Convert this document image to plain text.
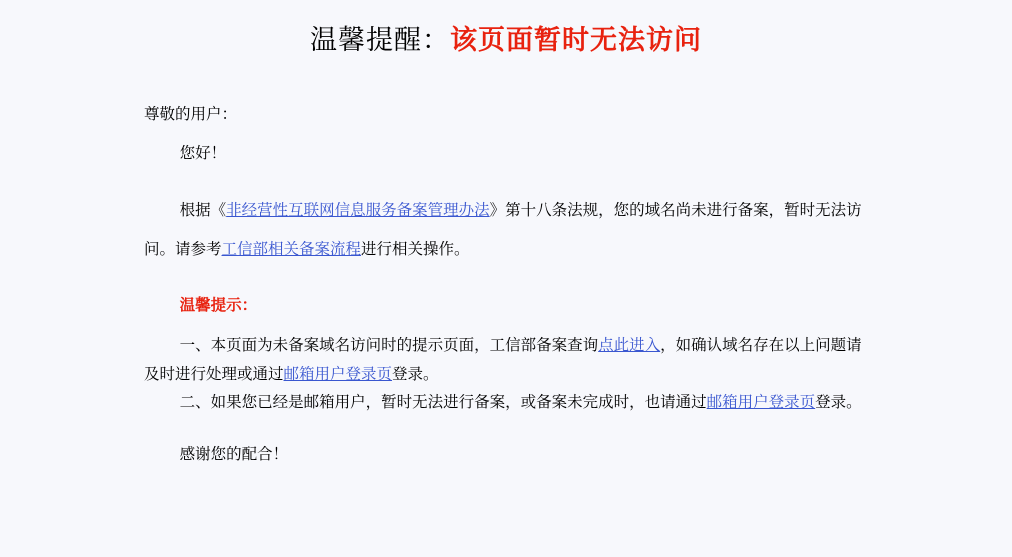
温馨提醒：该页面暂时无法访问

尊敬的用户：

您好！

根据《非经营性互联网信息服务备案管理办法》第十八条法规，您的域名尚未进行备案，暂时无法访问。请参考工信部相关备案流程进行相关操作。

温馨提示：

一、本页面为未备案域名访问时的提示页面，工信部备案查询点此进入，如确认域名存在以上问题请及时进行处理或通过邮箱用户登录页登录。

二、如果您已经是邮箱用户，暂时无法进行备案，或备案未完成时，也请通过邮箱用户登录页登录。

感谢您的配合！
